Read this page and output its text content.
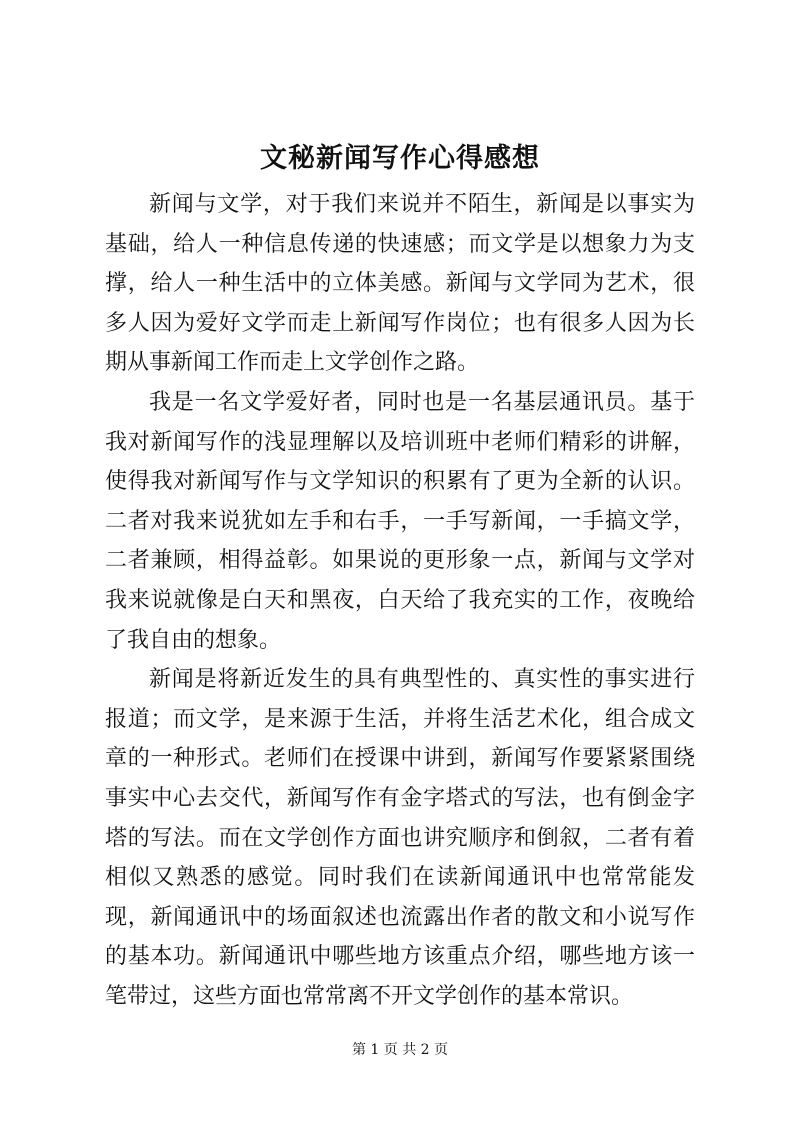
文秘新闻写作心得感想

新闻与文学，对于我们来说并不陌生，新闻是以事实为基础，给人一种信息传递的快速感；而文学是以想象力为支撑，给人一种生活中的立体美感。新闻与文学同为艺术，很多人因为爱好文学而走上新闻写作岗位；也有很多人因为长期从事新闻工作而走上文学创作之路。

我是一名文学爱好者，同时也是一名基层通讯员。基于我对新闻写作的浅显理解以及培训班中老师们精彩的讲解，使得我对新闻写作与文学知识的积累有了更为全新的认识。二者对我来说犹如左手和右手，一手写新闻，一手搞文学，二者兼顾，相得益彰。如果说的更形象一点，新闻与文学对我来说就像是白天和黑夜，白天给了我充实的工作，夜晚给了我自由的想象。

新闻是将新近发生的具有典型性的、真实性的事实进行报道；而文学，是来源于生活，并将生活艺术化，组合成文章的一种形式。老师们在授课中讲到，新闻写作要紧紧围绕事实中心去交代，新闻写作有金字塔式的写法，也有倒金字塔的写法。而在文学创作方面也讲究顺序和倒叙，二者有着相似又熟悉的感觉。同时我们在读新闻通讯中也常常能发现，新闻通讯中的场面叙述也流露出作者的散文和小说写作的基本功。新闻通讯中哪些地方该重点介绍，哪些地方该一笔带过，这些方面也常常离不开文学创作的基本常识。

第 1 页 共 2 页
